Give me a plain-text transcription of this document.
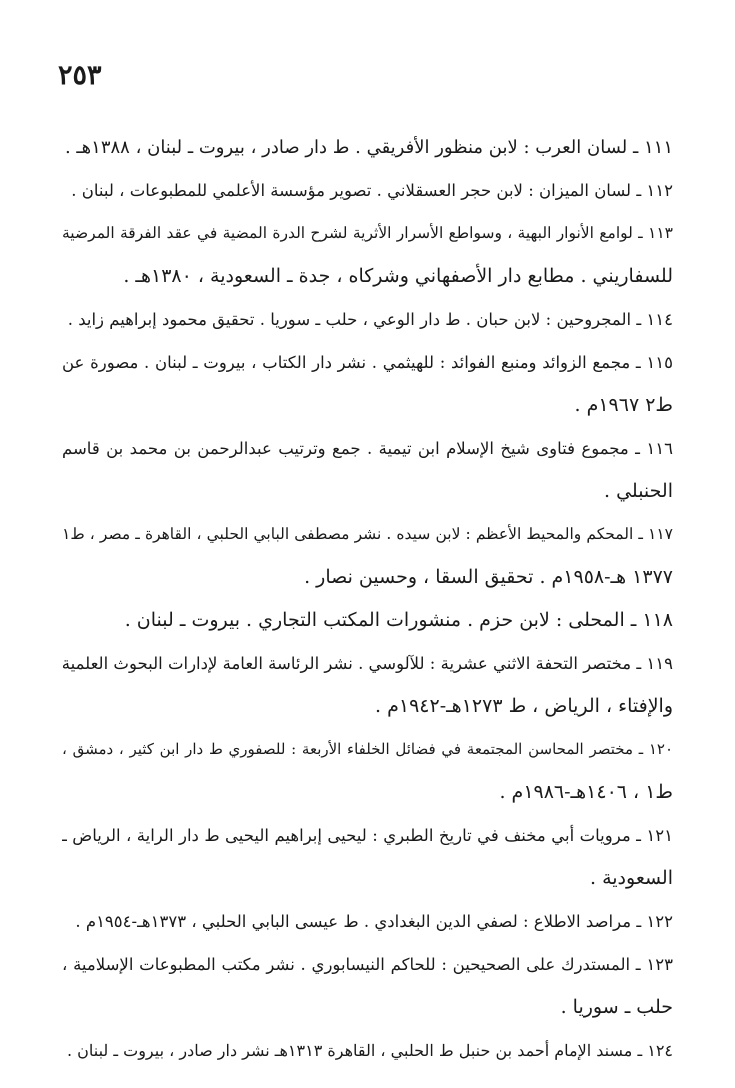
٢٥٣
١١١ ـ لسان العرب : لابن منظور الأفريقي . ط دار صادر ، بيروت ـ لبنان ، ١٣٨٨هـ .
١١٢ ـ لسان الميزان : لابن حجر العسقلاني . تصوير مؤسسة الأعلمي للمطبوعات ، لبنان .
١١٣ ـ لوامع الأنوار البهية ، وسواطع الأسرار الأثرية لشرح الدرة المضية في عقد الفرقة المرضية
للسفاريني . مطابع دار الأصفهاني وشركاه ، جدة ـ السعودية ، ١٣٨٠هـ .
١١٤ ـ المجروحين : لابن حبان . ط دار الوعي ، حلب ـ سوريا . تحقيق محمود إبراهيم زايد .
١١٥ ـ مجمع الزوائد ومنبع الفوائد : للهيثمي . نشر دار الكتاب ، بيروت ـ لبنان . مصورة عن
ط٢ ١٩٦٧م .
١١٦ ـ مجموع فتاوى شيخ الإسلام ابن تيمية . جمع وترتيب عبدالرحمن بن محمد بن قاسم
الحنبلي .
١١٧ ـ المحكم والمحيط الأعظم : لابن سيده . نشر مصطفى البابي الحلبي ، القاهرة ـ مصر ، ط١
١٣٧٧ هـ-١٩٥٨م . تحقيق السقا ، وحسين نصار .
١١٨ ـ المحلى : لابن حزم . منشورات المكتب التجاري . بيروت ـ لبنان .
١١٩ ـ مختصر التحفة الاثني عشرية : للآلوسي . نشر الرئاسة العامة لإدارات البحوث العلمية
والإفتاء ، الرياض ، ط ١٢٧٣هـ-١٩٤٢م .
١٢٠ ـ مختصر المحاسن المجتمعة في فضائل الخلفاء الأربعة : للصفوري ط دار ابن كثير ، دمشق ،
ط١ ، ١٤٠٦هـ-١٩٨٦م .
١٢١ ـ مرويات أبي مخنف في تاريخ الطبري : ليحيى إبراهيم اليحيى ط دار الراية ، الرياض ـ
السعودية .
١٢٢ ـ مراصد الاطلاع : لصفي الدين البغدادي . ط عيسى البابي الحلبي ، ١٣٧٣هـ-١٩٥٤م .
١٢٣ ـ المستدرك على الصحيحين : للحاكم النيسابوري . نشر مكتب المطبوعات الإسلامية ،
حلب ـ سوريا .
١٢٤ ـ مسند الإمام أحمد بن حنبل ط الحلبي ، القاهرة ١٣١٣هـ نشر دار صادر ، بيروت ـ لبنان .
